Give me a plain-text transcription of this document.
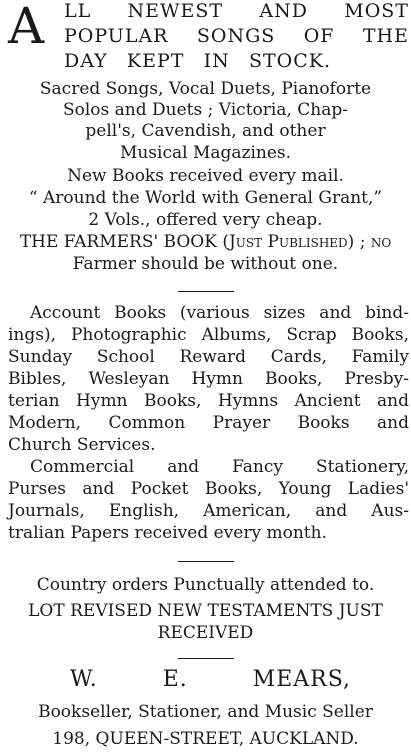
A LL NEWEST AND MOST
POPULAR SONGS OF THE
DAY KEPT IN STOCK.
Sacred Songs, Vocal Duets, Pianoforte
Solos and Duets ; Victoria, Chap-
pell's, Cavendish, and other
Musical Magazines.
New Books received every mail.
“ Around the World with General Grant,”
2 Vols., offered very cheap.
THE FARMERS' BOOK (Just Published) ; no
Farmer should be without one.
Account Books (various sizes and bind-
ings), Photographic Albums, Scrap Books,
Sunday School Reward Cards, Family
Bibles, Wesleyan Hymn Books, Presby-
terian Hymn Books, Hymns Ancient and
Modern, Common Prayer Books and
Church Services.
Commercial and Fancy Stationery,
Purses and Pocket Books, Young Ladies'
Journals, English, American, and Aus-
tralian Papers received every month.
Country orders Punctually attended to.
LOT REVISED NEW TESTAMENTS JUST
RECEIVED
W. E. MEARS,
Bookseller, Stationer, and Music Seller
198, QUEEN-STREET, AUCKLAND.
